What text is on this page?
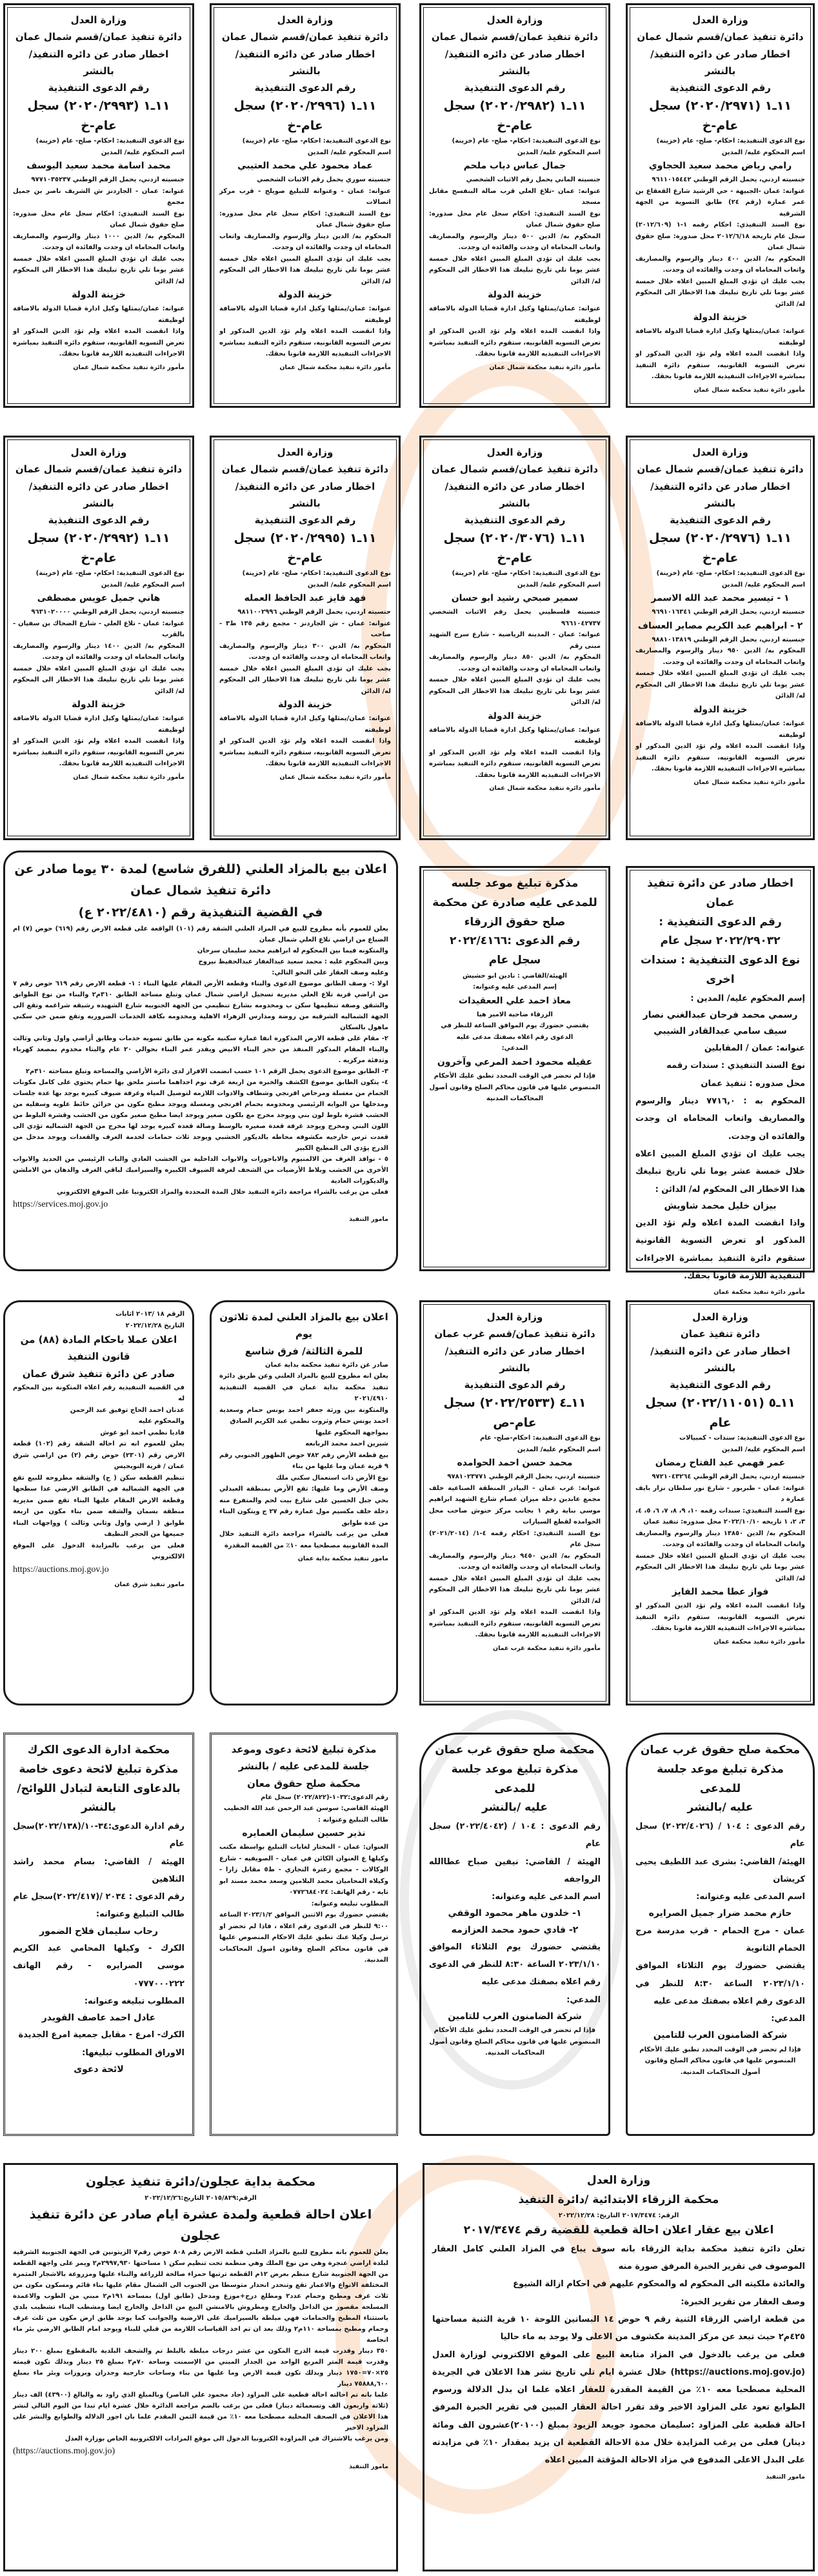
وزارة العدل
دائرة تنفيذ عمان/قسم شمال عمان
اخطار صادر عن دائره التنفيذ/ بالنشر
رقم الدعوى التنفيذية
١١ـ١ (٢٠٢٠/٢٩٧١) سجل عام-خ
نوع الدعوى التنفيذية: احكام- صلح- عام (خزينة)
اسم المحكوم عليه/ المدين
رامي رياض محمد سعيد الحجاوي
جنسيته اردني، يحمل الرقم الوطني ٩٦١١٠١٥٤٤٢
عنوانه: عمان -الجبيهة - حي الرشيد شارع القعقاع بن عمر عمارة (رقم ٢٤) طابق التسوية من الجهة الشرقية
نوع السند التنفيذي: احكام رقمه ١-١ (٢٠١٢/٦٠٩) سجل عام تاريخه ٢٠١٢/٦/١٨ محل صدوره: صلح حقوق شمال عمان
المحكوم به/ الدين ٤٠٠ دينار والرسوم والمصاريف واتعاب المحاماه ان وجدت والفائده ان وجدت.
يجب عليك ان تؤدي المبلغ المبين اعلاه خلال خمسة عشر يوما تلي تاريخ تبليغك هذا الاخطار الى المحكوم له/ الدائن
خزينة الدولة
عنوانه: عمان/يمثلها وكيل ادارة قضايا الدولة بالاضافة لوظيفته
واذا انقضت المده اعلاه ولم تؤد الدين المذكور او تعرض التسويه القانونيه، ستقوم دائره التنفيذ بمباشره الاجراءات التنفيذيه اللازمة قانونا بحقك.
مأمور دائرة تنفيذ محكمة شمال عمان
وزارة العدل
دائرة تنفيذ عمان/قسم شمال عمان
اخطار صادر عن دائره التنفيذ/ بالنشر
رقم الدعوى التنفيذية
١١ـ١ (٢٠٢٠/٢٩٨٢) سجل عام-خ
نوع الدعوى التنفيذية: احكام- صلح- عام (خزينة)
اسم المحكوم عليه/ المدين
جمال عباس دياب ملحم
جنسيته الماني يحمل رقم الاثبات الشخصي
عنوانه: عمان -تلاع العلي قرب صالة البنفسج مقابل مسجد
نوع السند التنفيذي: احكام سجل عام محل صدوره: صلح حقوق شمال عمان
المحكوم به/ الدين ٥٠٠ دينار والرسوم والمصاريف واتعاب المحاماه ان وجدت والفائده ان وجدت.
يجب عليك ان تؤدي المبلغ المبين اعلاه خلال خمسة عشر يوما تلي تاريخ تبليغك هذا الاخطار الى المحكوم له/ الدائن
خزينة الدولة
عنوانه: عمان/يمثلها وكيل ادارة قضايا الدولة بالاضافة لوظيفته
واذا انقضت المده اعلاه ولم تؤد الدين المذكور او تعرض التسويه القانونيه، ستقوم دائره التنفيذ بمباشره الاجراءات التنفيذيه اللازمة قانونا بحقك.
مأمور دائرة تنفيذ محكمة شمال عمان
وزارة العدل
دائرة تنفيذ عمان/قسم شمال عمان
اخطار صادر عن دائره التنفيذ/ بالنشر
رقم الدعوى التنفيذية
١١ـ١ (٢٠٢٠/٢٩٩٦) سجل عام-خ
نوع الدعوى التنفيذية: احكام- صلح- عام (خزينة)
اسم المحكوم عليه/ المدين
عماد محمود علي محمد العتيبي
جنسيته سوري يحمل رقم الاثبات الشخصي
عنوانه: عمان - وعنوانه للتبليغ صويلح - قرب مركز اتصالات
نوع السند التنفيذي: احكام سجل عام محل صدوره: صلح حقوق شمال عمان
المحكوم به/ الدين دينار والرسوم والمصاريف واتعاب المحاماه ان وجدت والفائده ان وجدت.
يجب عليك ان تؤدي المبلغ المبين اعلاه خلال خمسة عشر يوما تلي تاريخ تبليغك هذا الاخطار الى المحكوم له/ الدائن
خزينة الدولة
عنوانه: عمان/يمثلها وكيل ادارة قضايا الدولة بالاضافة لوظيفته
واذا انقضت المده اعلاه ولم تؤد الدين المذكور او تعرض التسويه القانونيه، ستقوم دائره التنفيذ بمباشره الاجراءات التنفيذيه اللازمة قانونا بحقك.
مأمور دائرة تنفيذ محكمة شمال عمان
وزارة العدل
دائرة تنفيذ عمان/قسم شمال عمان
اخطار صادر عن دائره التنفيذ/ بالنشر
رقم الدعوى التنفيذية
١١ـ١ (٢٠٢٠/٢٩٩٣) سجل عام-خ
نوع الدعوى التنفيذية: احكام- صلح- عام (خزينة)
اسم المحكوم عليه/ المدين
محمد اسامة محمد سعيد اليوسف
جنسيته اردني، يحمل الرقم الوطني ٩٧٧١٠٣٥٢٣٧
عنوانه: عمان - الجاردنز ش الشريف ناصر بن جميل مجمع
نوع السند التنفيذي: احكام سجل عام محل صدوره: صلح حقوق شمال عمان
المحكوم به/ الدين ١٠٠٠ دينار والرسوم والمصاريف واتعاب المحاماه ان وجدت والفائده ان وجدت.
يجب عليك ان تؤدي المبلغ المبين اعلاه خلال خمسة عشر يوما تلي تاريخ تبليغك هذا الاخطار الى المحكوم له/ الدائن
خزينة الدولة
عنوانه: عمان/يمثلها وكيل ادارة قضايا الدولة بالاضافة لوظيفته
واذا انقضت المده اعلاه ولم تؤد الدين المذكور او تعرض التسويه القانونيه، ستقوم دائره التنفيذ بمباشره الاجراءات التنفيذيه اللازمة قانونا بحقك.
مأمور دائرة تنفيذ محكمة شمال عمان
وزارة العدل
دائرة تنفيذ عمان/قسم شمال عمان
اخطار صادر عن دائره التنفيذ/ بالنشر
رقم الدعوى التنفيذية
١١ـ١ (٢٠٢٠/٢٩٧٦) سجل عام-خ
نوع الدعوى التنفيذية: احكام- صلح- عام (خزينة)
اسم المحكوم عليه/ المدين
١ - تيسير محمد عبد الله الاسمر
جنسيته اردني، يحمل الرقم الوطني ٩٦٩١٠١٦٣٤١
٢ - ابراهيم عبد الكريم مصاير العساف
جنسيته اردني، يحمل الرقم الوطني ٩٨٨١٠١٣٨١٩
المحكوم به/ الدين ٩٥٠ دينار والرسوم والمصاريف واتعاب المحاماه ان وجدت والفائده ان وجدت.
يجب عليك ان تؤدي المبلغ المبين اعلاه خلال خمسة عشر يوما تلي تاريخ تبليغك هذا الاخطار الى المحكوم له/ الدائن
خزينة الدولة
عنوانه: عمان/يمثلها وكيل ادارة قضايا الدولة بالاضافة لوظيفته
واذا انقضت المده اعلاه ولم تؤد الدين المذكور او تعرض التسويه القانونيه، ستقوم دائره التنفيذ بمباشره الاجراءات التنفيذيه اللازمة قانونا بحقك.
مأمور دائرة تنفيذ محكمة شمال عمان
وزارة العدل
دائرة تنفيذ عمان/قسم شمال عمان
اخطار صادر عن دائره التنفيذ/ بالنشر
رقم الدعوى التنفيذية
١١ـ١ (٢٠٢٠/٣٠٧٦) سجل عام-خ
نوع الدعوى التنفيذية: احكام- صلح- عام (خزينة)
اسم المحكوم عليه/ المدين
سمير صبحي رشيد ابو حسان
جنسيته فلسطيني يحمل رقم الاثبات الشخصي ٩٦٦١٠٤٢٧٣٧
عنوانه: عمان - المدينة الرياضية - شارع سرح الشهيد مبنى رقم
المحكوم به/ الدين ٨٥٠ دينار والرسوم والمصاريف واتعاب المحاماه ان وجدت والفائده ان وجدت.
يجب عليك ان تؤدي المبلغ المبين اعلاه خلال خمسة عشر يوما تلي تاريخ تبليغك هذا الاخطار الى المحكوم له/ الدائن
خزينة الدولة
عنوانه: عمان/يمثلها وكيل ادارة قضايا الدولة بالاضافة لوظيفته
واذا انقضت المده اعلاه ولم تؤد الدين المذكور او تعرض التسويه القانونيه، ستقوم دائره التنفيذ بمباشره الاجراءات التنفيذيه اللازمة قانونا بحقك.
مأمور دائرة تنفيذ محكمة شمال عمان
وزارة العدل
دائرة تنفيذ عمان/قسم شمال عمان
اخطار صادر عن دائره التنفيذ/ بالنشر
رقم الدعوى التنفيذية
١١ـ١ (٢٠٢٠/٢٩٩٥) سجل عام-خ
نوع الدعوى التنفيذية: احكام- صلح- عام (خزينة)
اسم المحكوم عليه/ المدين
فهد فايز عبد الحافظ العمله
جنسيته اردني، يحمل الرقم الوطني ٩٨١١٠٠٢٩٩٦
عنوانه: عمان - ش الجاردنز - مجمع رقم ١٣٥ ط٣ - صاحب
المحكوم به/ الدين ٣٠٠ دينار والرسوم والمصاريف واتعاب المحاماه ان وجدت والفائده ان وجدت.
يجب عليك ان تؤدي المبلغ المبين اعلاه خلال خمسة عشر يوما تلي تاريخ تبليغك هذا الاخطار الى المحكوم له/ الدائن
خزينة الدولة
عنوانه: عمان/يمثلها وكيل ادارة قضايا الدولة بالاضافة لوظيفته
واذا انقضت المده اعلاه ولم تؤد الدين المذكور او تعرض التسويه القانونيه، ستقوم دائره التنفيذ بمباشره الاجراءات التنفيذيه اللازمة قانونا بحقك.
مأمور دائرة تنفيذ محكمة شمال عمان
وزارة العدل
دائرة تنفيذ عمان/قسم شمال عمان
اخطار صادر عن دائره التنفيذ/ بالنشر
رقم الدعوى التنفيذية
١١ـ١ (٢٠٢٠/٢٩٩٢) سجل عام-خ
نوع الدعوى التنفيذية: احكام- صلح- عام (خزينة)
اسم المحكوم عليه/ المدين
هاني جميل عويس مصطفى
جنسيته اردني، يحمل الرقم الوطني ٩٦٣١٠٢٠٠٠٠
عنوانه: عمان - تلاع العلي - شارع الضحاك بن سفيان - بالقرب
المحكوم به/ الدين ١٤٠٠ دينار والرسوم والمصاريف واتعاب المحاماه ان وجدت والفائده ان وجدت.
يجب عليك ان تؤدي المبلغ المبين اعلاه خلال خمسة عشر يوما تلي تاريخ تبليغك هذا الاخطار الى المحكوم له/ الدائن
خزينة الدولة
عنوانه: عمان/يمثلها وكيل ادارة قضايا الدولة بالاضافة لوظيفته
واذا انقضت المده اعلاه ولم تؤد الدين المذكور او تعرض التسويه القانونيه، ستقوم دائره التنفيذ بمباشره الاجراءات التنفيذيه اللازمة قانونا بحقك.
مأمور دائرة تنفيذ محكمة شمال عمان
اعلان بيع بالمزاد العلني (للفرق شاسع) لمدة ٣٠ يوما صادر عن دائرة تنفيذ شمال عمان
في القضية التنفيذية رقم (٢٠٢٢/٤٨١٠ ع)
يعلن للعموم بأنه مطروح للبيع في المزاد العلني الشقة رقم (١٠١) الواقعة على قطعة الارض رقم (٦١٩) حوض (٧) ام الضباع من اراضي تلاع العلي شمال عمان
والمتكونه فيما بين المحكوم له ابراهيم محمد سليمان سرحان
وبين المحكوم عليه : محمد سعيد عبدالغفار عبدالحفيظ نيروخ
وعليه وصف العقار على النحو التالي:
اولا :- وصف الطابق موضوع الدعوى والبناء وقطعة الأرض المقام عليها البناء : ١- قطعة الارض رقم ٦١٩ حوض رقم ٧ من اراضي قرية تلاع العلي مديرية تسجيل اراضي شمال عمان وتبلغ مساحة الطابق ٣١٠م٢ والبناء من نوع الطوابق والشقق وصفة تنظيمها سكن ب ومخدومه بشارع تنظيمي من الجهة الجنوبيه شارع الشهيده رشيقه شراغمه وتقع الى الجهة الشماليه الشرقيه من روضة ومدارس الزهراء الاهلية ومخدومه بكافة الخدمات الضروريه وتقع ضمن حي سكني ماهول بالسكان
٢- مقام على قطعة الارض المذكوره انفا عمارة سكنية مكونه من طابق تسويه خدمات وطابق أراضي واول وثاني وثالث والبناء المقام المذكور المنفذ من حجر البناء الابيض ويقدر عمر البناء بحوالي ٢٠ عام والبناء مخدوم بمصعد كهرباء وتدفئة مركزيه .
٣- الطابق موضوع الدعوى يحمل الرقم ١٠١ حسب انضمت الافراز لدى دائرة الأراضي والمساحة وتبلغ مساحته ٣١٠م٢
٤- يتكون الطابق موضوع الكشف والخبره من اربعة غرف نوم احداهما ماستر ملحق بها حمام يحتوي على كامل مكونات الحمام من مغسلة ومرحاض افرنجي وشطاف والادوات اللازمه لتوصيل المياه وغرفة ضيوف كبيره يوجد بها عدة جلسات ومدخلها من البوابه الرئيسي ومخدومه بحمام افرنجي ومغسلة ويوجد مطبخ مكون من خزائن حائط علويه وسفليه من الخشب قشرة بلوط لون بني ويوجد مخرج مع بلكون صغير ويوجد ايضا مطبخ صغير مكون من الخشب وقشرة البلوط من اللون البني ومخرج ويوجد غرفة قعدة صغيره بالوسط وصالة قعده كبيره يوجد لها مخرج من الجهة الشماليه تؤدي الى قعدت ترس خارجيه مكشوفه محاطه بالديكور الخشبي ويوجد ثلاث حمامات لخدمة الغرف والقعدات ويوجد مدخل من الدرج يؤدي الى المطبخ الكبير
٥ - نوافذ الغرف من الالمنيوم والاباجورات والابواب الداخلية من الخشب العادي والباب الرئيسي من الحديد والابواب الأخرى من الخشب وبلاط الأرضيات من الشحف لغرفة الضيوف الكبيره والسيراميك لباقي الغرف والدهان من الاملشن والديكورات العادية
فعلى من يرغب بالشراء مراجعة دائرة التنفيذ خلال المدة المحددة والمزاد الكترونيا على الموقع الالكتروني
https://services.moj.gov.jo
مامور التنفيذ
مذكرة تبليغ موعد جلسه
للمدعى عليه صادرة عن محكمة
صلح حقوق الزرقاء
رقم الدعوى :٢٠٢٢/٤١٦٦
سجل عام
الهيئة/القاضي : نادين ابو حشيش
إسم المدعى عليه وعنوانه:
معاذ احمد علي الععقيدات
الزرقاء ضاحية الامير هيا
يقتضي حضورك يوم الموافق الساعة للنظر في الدعوى رقم اعلاه بصفتك مدعى عليه
المدعي:
عقيله محمود احمد المرعي وآخرون
فإذا لم تحضر في الوقت المحدد تطبق عليك الأحكام المنصوص عليها في قانون محاكم الصلح وقانون أصول المحاكمات المدنية
اخطار صادر عن دائرة تنفيذ عمان
رقم الدعوى التنفيذية :
٢٠٢٢/٢٩٠٣٢ سجل عام
نوع الدعوى التنفيذية : سندات اخرى
إسم المحكوم عليه/ المدين :
رسمي محمد فرحان عبدالغني نصار
سيف سامي عبدالقادر الشيبي
عنوانه: عمان / المقابلين
نوع السند التنفيذي : سندات رقمه
محل صدوره : تنفيذ عمان
المحكوم به : ٧٧١٦,٠ دينار والرسوم والمصاريف واتعاب المحاماه ان وجدت والفائده ان وجدت.
يجب عليك ان تؤدي المبلغ المبين اعلاه خلال خمسة عشر يوما تلي تاريخ تبليغك هذا الاخطار الى المحكوم له/ الدائن :
بيزان خليل محمد شاويش
واذا انقضت المدة اعلاه ولم تؤد الدين المذكور او تعرض التسوية القانونية ستقوم دائرة التنفيذ بمباشرة الاجراءات التنفيذية اللازمة قانونا بحقك.
مأمور دائرة تنفيذ محكمة عمان
وزارة العدل
دائرة تنفيذ عمان
اخطار صادر عن دائره التنفيذ/ بالنشر
رقم الدعوى التنفيذية
١١ـ٥ (٢٠٢٢/١١٠٥١) سجل عام
نوع الدعوى التنفيذية: سندات - كمبيالات
اسم المحكوم عليه/ المدين
عمر فهمي عبد الفتاح رمضان
جنسيته اردني، يحمل الرقم الوطني ٩٧٢١٠٤٣٢٦٤
عنوانه: عمان - طبربور - شارع نور سلطان نزار بايف عمارة د
نوع السند التنفيذي: سندات رقمه ١٠، ٩، ٨، ٧، ٦، ٥، ٤، ٣، ٢، ١ تاريخه ٢٠٢٢/١٠/١٠ محل صدوره: تنفيذ عمان
المحكوم به/ الدين ١٣٨٥٠ دينار والرسوم والمصاريف واتعاب المحاماه ان وجدت والفائده ان وجدت.
يجب عليك ان تؤدي المبلغ المبين اعلاه خلال خمسة عشر يوما تلي تاريخ تبليغك هذا الاخطار الى المحكوم له/ الدائن
فواز عطا محمد الفايز
واذا انقضت المده اعلاه ولم تؤد الدين المذكور او تعرض التسويه القانونيه، ستقوم دائره التنفيذ بمباشره الاجراءات التنفيذيه اللازمة قانونا بحقك.
مأمور دائرة تنفيذ محكمة عمان
وزارة العدل
دائرة تنفيذ عمان/قسم غرب عمان
اخطار صادر عن دائره التنفيذ/ بالنشر
رقم الدعوى التنفيذية
١١ـ٤ (٢٠٢٢/٢٥٣٣) سجل عام-ص
نوع الدعوى التنفيذية: احكام-صلح- عام
اسم المحكوم عليه/ المدين
محمد حسن احمد الحوامده
جنسيته اردني، يحمل الرقم الوطني ٩٧٨١٠٢٣٧٧١
عنوانه: غرب عمان - البيادر المنطقة الصناعية خلف مجمع عابدين دخلة ميزان عصام شارع الشهيد ابراهيم موسى بناية رقم ١ بجانب مركز حنوش صاحب محل الحوامده لقطع السيارات
نوع السند التنفيذي: احكام رقمه ٤-١/ (٢٠٢١/٢٠١٤) سجل عام
المحكوم به/ الدين ٩٤٥٠ دينار والرسوم والمصاريف واتعاب المحاماه ان وجدت والفائده ان وجدت.
يجب عليك ان تؤدي المبلغ المبين اعلاه خلال خمسة عشر يوما تلي تاريخ تبليغك هذا الاخطار الى المحكوم له/ الدائن
واذا انقضت المده اعلاه ولم تؤد الدين المذكور او تعرض التسويه القانونيه، ستقوم دائره التنفيذ بمباشره الاجراءات التنفيذيه اللازمة قانونا بحقك.
مأمور دائرة تنفيذ محكمة غرب عمان
اعلان بيع بالمزاد العلني لمدة ثلاثون يوم
للمرة الثالثة/ فرق شاسع
صادر عن دائرة تنفيذ محكمة بداية عمان
يعلن انه مطروح للبيع بالمزاد العلني وعن طريق دائرة تنفيذ محكمة بداية عمان في القضية التنفيذية ٢٠٢١/٤٩١٠
والمتكونة بين ورثة جعفر احمد يونس حمام وسعدية احمد يونس حمام وثروت نظمي عبد الكريم الصادق
بمواجهة المحكوم عليها
شيرين احمد محمد الربابعه
بيع قطعة الأرض رقم ٧٨٢ حوض الظهور الجنوبي رقم ٩ قرية عمان وما عليها من بناء
نوع الأرض ذات استعمال سكني ملك
وصف الأرض وما عليها: تقع الأرض بمنطقة العبدلي بحي جبل الحسين على شارع بيت لحم والمتفرع منه دخلة خلف مكسيم مول عمارة رقم ٢٧ ج ويتكون البناء من عدة طوابق
فعلى من يرغب بالشراء مراجعة دائرة التنفيذ خلال المدة القانونية مصطحبا معه ١٠٪ من القيمة المقدرة
مامور تنفيذ محكمة بداية عمان
الرقم ١٨ /٢٠١٣ اثابات
التاريخ ٢٠٢٢/١٢/٢٨
اعلان عملا باحكام المادة (٨٨) من قانون التنفيذ
صادر عن دائرة تنفيذ شرق عمان
في القضية التنفيذية رقم اعلاه المتكونة بين المحكوم له
عدنان احمد الحاج توفيق عبد الرحمن
والمحكوم عليه
فاديا نظمي احمد ابو غوش
يعلن للعموم انه تم احاله الشقة رقم (١٠٢) قطعة الارض رقم (٢٣٠١) حوض رقم (٢) من اراضي شرق عمان / قرية النويجيس
تنظيم القطعه سكن ( ج) والشقه مطروحه للبيع تقع في الجهة الشمالية في الطابق الارضي عدا سطحها وقطعة الارض المقام عليها البناء تقع ضمن مديرية منطقة بسمان والشقه ضمن بناء مكون من اربعة طوابق ( ارضي واول وثاني وثالث ) وواجهات البناء جميعها من الحجر النظيف
فعلى من يرغب بالمزايدة الدخول على الموقع الالكتروني
https://auctions.moj.gov.jo
مامور تنفيذ شرق عمان
محكمة صلح حقوق غرب عمان
مذكرة تبليغ موعد جلسة للمدعى
عليه /بالنشر
رقم الدعوى : ١٠٤ / (٢٠٢٢/٤٠٢٦) سجل عام
الهيئة/ القاضي: بشرى عبد اللطيف يحيى كريشان
اسم المدعى عليه وعنوانه:
حازم محمد ضرار جميل الصرايره
عمان - مرج الحمام - قرب مدرسة مرج الحمام الثانوية
يقتضي حضورك يوم الثلاثاء الموافق ٢٠٢٣/١/١٠ الساعة ٨:٣٠ للنظر في الدعوى رقم اعلاه بصفتك مدعى عليه
المدعي:
شركة الضامنون العرب للتامين
فإذا لم تحضر في الوقت المحدد تطبق عليك الأحكام المنصوص عليها في قانون محاكم الصلح وقانون أصول المحاكمات المدنية.
محكمة صلح حقوق غرب عمان
مذكرة تبليغ موعد جلسة للمدعى
عليه /بالنشر
رقم الدعوى : ١٠٤ / (٢٠٢٢/٤٠٤٢) سجل عام
الهيئة / القاضي: نيفين صباح عطاالله الرواجفه
اسم المدعى عليه وعنوانه:
١- خلدون ماهر محمود الوقفي
٢- فادي حمود محمد العزازمه
يقتضي حضورك يوم الثلاثاء الموافق ٢٠٢٣/١/١٠ الساعة ٨:٣٠ للنظر في الدعوى رقم اعلاه بصفتك مدعى عليه
المدعي:
شركة الضامنون العرب للتامين
فإذا لم تحضر في الوقت المحدد تطبق عليك الأحكام المنصوص عليها في قانون محاكم الصلح وقانون أصول المحاكمات المدنية.
مذكرة تبليغ لائحة دعوى وموعد جلسة للمدعى عليه / بالنشر
محكمة صلح حقوق معان
رقم الدعوى:١٠٣٢-(٢٠٢٢/٨٢٢) سجل عام
الهيئة القاضي: سوسن عبد الرحمن عبد الله الخطيب
طالب التبليغ وعنوانه :
نذير حسين سليمان العمايره
العنوان: عمان - المختار لغايات التبليغ بواسطة مكتب وكيلها ع العنوان الكائن في عمان - الصويفيه - شارع الوكالات - مجمع زعترة التجاري - ط٥ مقابل زارا - وكيلاه المحاميان محمد البلامين وسعد محمد مسند ابو تايه - رقم الهاتف: ٠٧٧٢٦٨٤٠٢٤
المطلوب تبليغه وعنوانه:
يقتضي حضورك يوم الاثنين الموافق ٢٠٢٣/١/٢ الساعة ٩:٠٠ للنظر في الدعوى رقم اعلاه ، فاذا لم تحضر او ترسل وكيلا عنك تطبق عليك الاحكام المنصوص عليها في قانون محاكم الصلح وقانون اصول المحاكمات المدنية.
محكمة ادارة الدعوى الكرك
مذكرة تبليغ لائحة دعوى خاصة بالدعاوى التابعة لتبادل اللوائح/بالنشر
رقم ادارة الدعوى:٣٤-١٠/(٢٠٢٢/١٣٨)سجل عام
الهيئة / القاضي: بسام محمد راشد التلاهين
رقم الدعوى : ٢٠٣٤ /(٢٠٢٢/٤١٧)سجل عام
طالب التبليغ وعنوانه:
رحاب سليمان فلاح الضمور
الكرك - وكيلها المحامي عبد الكريم موسى الصرايره - رقم الهاتف ٠٧٧٧٠٠٠٢٢٢
المطلوب تبليغه وعنوانه:
عادل احمد عاصف القويدر
الكرك- امرع - مقابل جمعية امرع الجديدة
الاوراق المطلوب تبليغها:
لائحة دعوى
وزارة العدل
محكمة الزرقاء الابتدائية /دائرة التنفيذ
الرقم: ٢٠١٧/٣٤٧٤ التاريخ: ٢٠٢٢/١٢/٢٨
اعلان بيع عقار اعلان احالة قطعية للقضية رقم ٢٠١٧/٣٤٧٤
تعلن دائرة تنفيذ محكمة بداية الزرقاء بانه سوف يباع في المزاد العلني كامل العقار الموصوف في تقرير الخبرة المرفق صورة منه
والعائدة ملكيته الى المحكوم له والمحكوم عليهم في احكام ازالة الشيوع
وصف العقار من تقرير الخبرة:
من قطعة اراضي الزرقاء الثنية رقم ٩ حوض ١٤ البساتين اللوحة ١٠ قرية الثنية مساحتها ٤٢٥م٢ حيث تبعد عن مركز المدينة مكشوف من الاعلى ولا يوجد به ماء حاليا
فعلى من يرغب بالدخول في المزاد متابعة البيع على الموقع الالكتروني لوزارة العدل (https://auctions.moj.gov.jo) خلال عشرة ايام تلي تاريخ نشر هذا الاعلان في الجريدة المحلية مصطحبا معه ١٠٪ من القيمة المقدرة للعقار اعلاه علما ان بدل الدلالة ورسوم الطوابع تعود على المزاود الاخير وقد تقرر احالة العقار المبين في تقرير الخبرة المرفق احالة قطعية على المزاود :سليمان محمود جويعد الزيود بمبلغ (٢٠١٠٠)عشرون الف ومائة دينار) فعلى من يرغب المزايدة خلال مدة الاحالة القطعية ان يزيد بمقدار ١٠٪ في مزايدته على البدل الاعلى المدفوع في مزاد الاحالة المؤقتة المبين اعلاه
مامور التنفيذ
محكمة بداية عجلون/دائرة تنفيذ عجلون
الرقم:٢٠١٥/٨٢٩ التاريخ:٢٠٢٢/١٢/٢٦
اعلان احالة قطعية ولمدة عشرة ايام صادر عن دائرة تنفيذ عجلون
يعلن للعموم بانه مطروح للبيع بالمزاد العلني قطعة الارض رقم ٨٠٨ حوض رقم٧ الزيتونين في الجهة الجنوبية الشرقية لبلدة اراضي عنجرة وهي من نوع الملك وهي منظمة تحت تنظيم سكن ١ مساحتها ٢٩٩٧,٩٣٠م٢ ويمر على واجهة القطعة من الجهة الجنوبية شارع منظم بعرض ١٢م القطعة ترتبها حمراء صالحة للزراعة والبناء عليها ومزروعة بالاشجار المثمرة المختلفة الانواع والاعمار تقع وتنحدر انحدار متوسطا من الجنوب الى الشمال مقام عليها بناء قائم ومسكون مكون من ثلاث غرف ومطبخ وحمام عدد٢ ومطلع درج+موزع ومدخل (طابق اول) بمساحة ١٩١م٢ مبني من الطوب والاعمدة المسلحة مقصور من الداخل والخارج ومطروش بالامنشن البيع من الداخل والخارج ايضا ومشطب البناء تشطيب بلدي باستثناء المطبخ والحمامات فهي مبلطة بالسيراميك على الارضية والجوانب كما يوجد طابق ارض مكون من ثلث غرف وحمام ومطبخ بمساحة ١١٠م٢ وذلك بعد ان تم اخذ القياسات اللازمة من قبلي للبناء ويوجد امام الطابق الارضي بئر ماء انجاصة
٣٥٠ دينار وقدرت قيمة الدرج المكون من عشر درجات مبلطة بالبلط تم والشحف البلدية بالمقطوع بمبلغ ٢٠٠ دينار وقدرت قيمة المتر المربع الواحد من الجدار المبني من الإسمنت وساحة ٧٠م٢ بمبلغ ٢٥ دينار وبذلك تكون قيمته ٢٥×٧٠=١٧٥٠ دينار وبذلك تكون قيمة الارض وما عليها من بناء وساحات خارجية وجدران وبروزات وبئر ماء بمبلغ ٧٥٨٨٨,٦٠٠ دينار
علما بانه تم احالته احالة قطعية على المزاود (جاد محمود علي الناصر) وبالمبلغ الذي زاود به والبالغ (٤٣٩٠٠) الف دينار (ثلاثة واربعون الف وتسعمائة دينار) فعلى من يرغب بالضم مراجعة الدائرة خلال عشرة ايام تبدا من اليوم التالي لنشر هذا الاعلان في الصحف المحلية مصطحبا معه ١٠٪ من قيمة الثمن المقدم علما بان اجور الدلالة والطوابع والنشر على المزاود الاخير
ومن يرغب بالاشتراك في المزاودة الكترونيا الدخول الى موقع المزادات الالكترونية الخاص بوزارة العدل
(https://auctions.moj.gov.jo)
مامور التنفيذ
